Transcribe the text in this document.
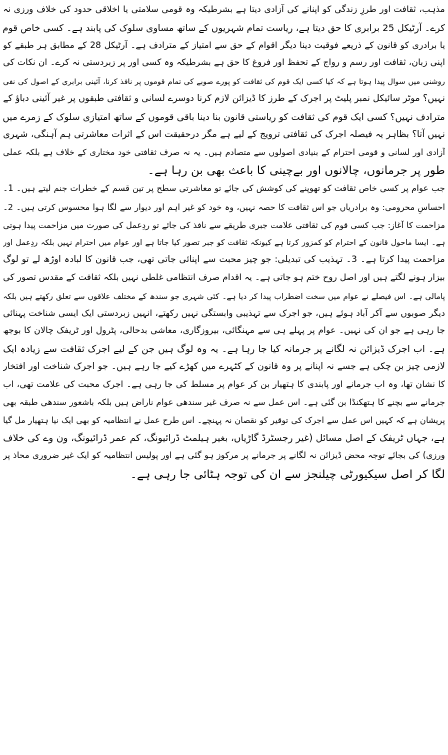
مذہب، ثقافت اور طرزِ زندگی کو اپنانے کی آزادی دیتا ہے بشرطیکہ وہ قومی سلامتی یا اخلاقی حدود کی خلاف ورزی نہ
کرے۔ آرٹیکل 25 برابری کا حق دیتا ہے، ریاست تمام شہریوں کے ساتھ مساوی سلوک کی پابند ہے۔ کسی خاص قوم
یا برادری کو قانون کے ذریعے فوقیت دینا دیگر اقوام کے حق سے امتیاز کے مترادف ہے۔ آرٹیکل 28 کے مطابق ہر طبقے کو
اپنی زبان، ثقافت اور رسم و رواج کے تحفظ اور فروغ کا حق ہے بشرطیکہ وہ کسی اور پر زبردستی نہ کرے۔ ان نکات کی
روشنی میں سوال پیدا ہوتا ہے کہ کیا کسی ایک قوم کی ثقافت کو پورے صوبے کی تمام قوموں پر نافذ کرنا، آئینی برابری کے اصول کی نفی
نہیں؟ موٹر سائیکل نمبر پلیٹ پر اجرک کے طرز کا ڈیزائن لازم کرنا دوسرے لسانی و ثقافتی طبقوں پر غیر آئینی دباؤ کے
مترادف نہیں؟ کسی ایک قوم کی ثقافت کو ریاستی قانون بنا دینا باقی قوموں کے ساتھ امتیازی سلوک کے زمرے میں
نہیں آتا؟ بظاہر یہ فیصلہ اجرک کی ثقافتی ترویج کے لیے ہے مگر درحقیقت اس کے اثرات معاشرتی ہم آہنگی، شہری
آزادی اور لسانی و قومی احترام کے بنیادی اصولوں سے متصادم ہیں۔ یہ نہ صرف ثقافتی خود مختاری کے خلاف ہے بلکہ عملی
طور پر جرمانوں، چالانوں اور بےچینی کا باعث بھی بن رہا ہے۔
جب عوام پر کسی خاص ثقافت کو تھوپنے کی کوشش کی جائے تو معاشرتی سطح پر تین قسم کے خطرات جنم لیتے ہیں۔ 1۔
احساسِ محرومی: وہ برادریاں جو اس ثقافت کا حصہ نہیں، وہ خود کو غیر اہم اور دیوار سے لگا ہوا محسوس کرتی ہیں۔ 2۔
مزاحمت کا آغاز: جب کسی قوم کی ثقافتی علامت جبری طریقے سے نافذ کی جائے تو ردِعمل کی صورت میں مزاحمت پیدا ہوتی
ہے۔ ایسا ماحول قانون کے احترام کو کمزور کرتا ہے کیونکہ ثقافت کو جبر تصور کیا جاتا ہے اور عوام میں احترام نہیں بلکہ ردِعمل اور
مزاحمت پیدا کرتا ہے۔ 3۔ تہذیب کی تبدیلی: جو چیز محبت سے اپنائی جاتی تھی، جب قانون کا لبادہ اوڑھ لے تو لوگ
بیزار ہونے لگتے ہیں اور اصل روح ختم ہو جاتی ہے۔ یہ اقدام صرف انتظامی غلطی نہیں بلکہ ثقافت کے مقدس تصور کی
پامالی ہے۔ اس فیصلے نے عوام میں سخت اضطراب پیدا کر دیا ہے۔ کئی شہری جو سندھ کے مختلف علاقوں سے تعلق رکھتے ہیں بلکہ
دیگر صوبوں سے آکر آباد ہوئے ہیں، جو اجرک سے تہذیبی وابستگی نہیں رکھتے، انہیں زبردستی ایک ایسی شناخت پہنائی
جا رہی ہے جو ان کی نہیں۔ عوام پر پہلے ہی سے مہنگائی، بیروزگاری، معاشی بدحالی، پٹرول اور ٹریفک چالان کا بوجھ
ہے۔ اب اجرک ڈیزائن نہ لگانے پر جرمانہ کیا جا رہا ہے۔ یہ وہ لوگ ہیں جن کے لیے اجرک ثقافت سے زیادہ ایک
لازمی چیز بن چکی ہے جسے نہ اپنانے پر وہ قانون کے کٹہرے میں کھڑے کیے جا رہے ہیں۔ جو اجرک شناخت اور افتخار
کا نشان تھا، وہ اب جرمانے اور پابندی کا ہتھیار بن کر عوام پر مسلط کی جا رہی ہے۔ اجرک محبت کی علامت تھی، اب
جرمانے سے بچنے کا ہتھکنڈا بن گئی ہے۔ اس عمل سے نہ صرف غیر سندھی عوام ناراض ہیں بلکہ باشعور سندھی طبقہ بھی
پریشان ہے کہ کہیں اس عمل سے اجرک کی توقیر کو نقصان نہ پہنچے۔ اس طرح عمل نے انتظامیہ کو بھی ایک نیا ہتھیار مل گیا
ہے، جہاں ٹریفک کے اصل مسائل (غیر رجسٹرڈ گاڑیاں، بغیر ہیلمٹ ڈرائیونگ، کم عمر ڈرائیونگ، ون وے کی خلاف
ورزی) کی بجائے توجہ محض ڈیزائن نہ لگانے پر جرمانے پر مرکوز ہو گئی ہے اور پولیس انتظامیہ کو ایک غیر ضروری محاذ پر
لگا کر اصل سیکیورٹی چیلنجز سے ان کی توجہ ہٹائی جا رہی ہے۔
